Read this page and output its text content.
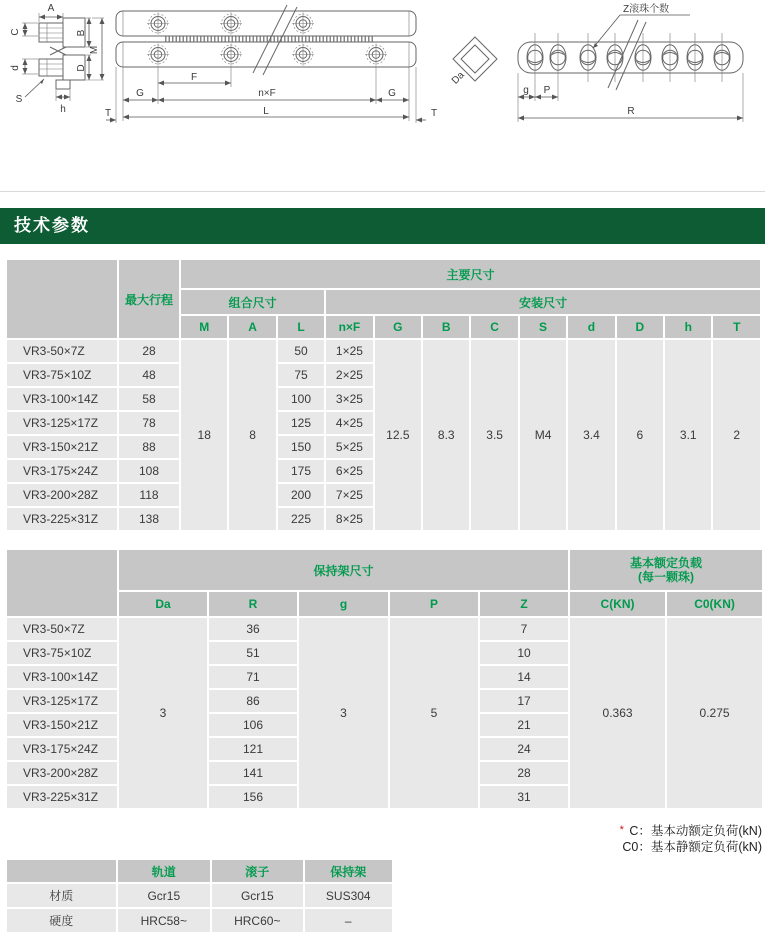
A
C	B
M
d	D
h
S
F
G	n×F	G
L
T	T
Z滚珠个数
Da
g P
R
技术参数
	最大行程	主要尺寸											
		组合尺寸			安装尺寸								
		M	A	L	n×F	G	B	C	S	d	D	h	T
VR3-50×7Z	28	18	8	50	1×25	12.5	8.3	3.5	M4	3.4	6	3.1	2
VR3-75×10Z	48			75	2×25								
VR3-100×14Z	58			100	3×25								
VR3-125×17Z	78			125	4×25								
VR3-150×21Z	88			150	5×25								
VR3-175×24Z	108			175	6×25								
VR3-200×28Z	118			200	7×25								
VR3-225×31Z	138			225	8×25								
	保持架尺寸					基本额定负载
(每一颗珠)	

	Da	R	g	P	Z	C(KN)	C0(KN)
VR3-50×7Z	3	36	3	5	7	0.363	0.275
VR3-75×10Z		51			10		
VR3-100×14Z		71			14		
VR3-125×17Z		86			17		
VR3-150×21Z		106			21		
VR3-175×24Z		121			24		
VR3-200×28Z		141			28		
VR3-225×31Z		156			31		
* C：基本动额定负荷(kN)
C0：基本静额定负荷(kN)
	轨道	滚子	保持架
材质	Gcr15	Gcr15	SUS304
硬度	HRC58~	HRC60~	–
